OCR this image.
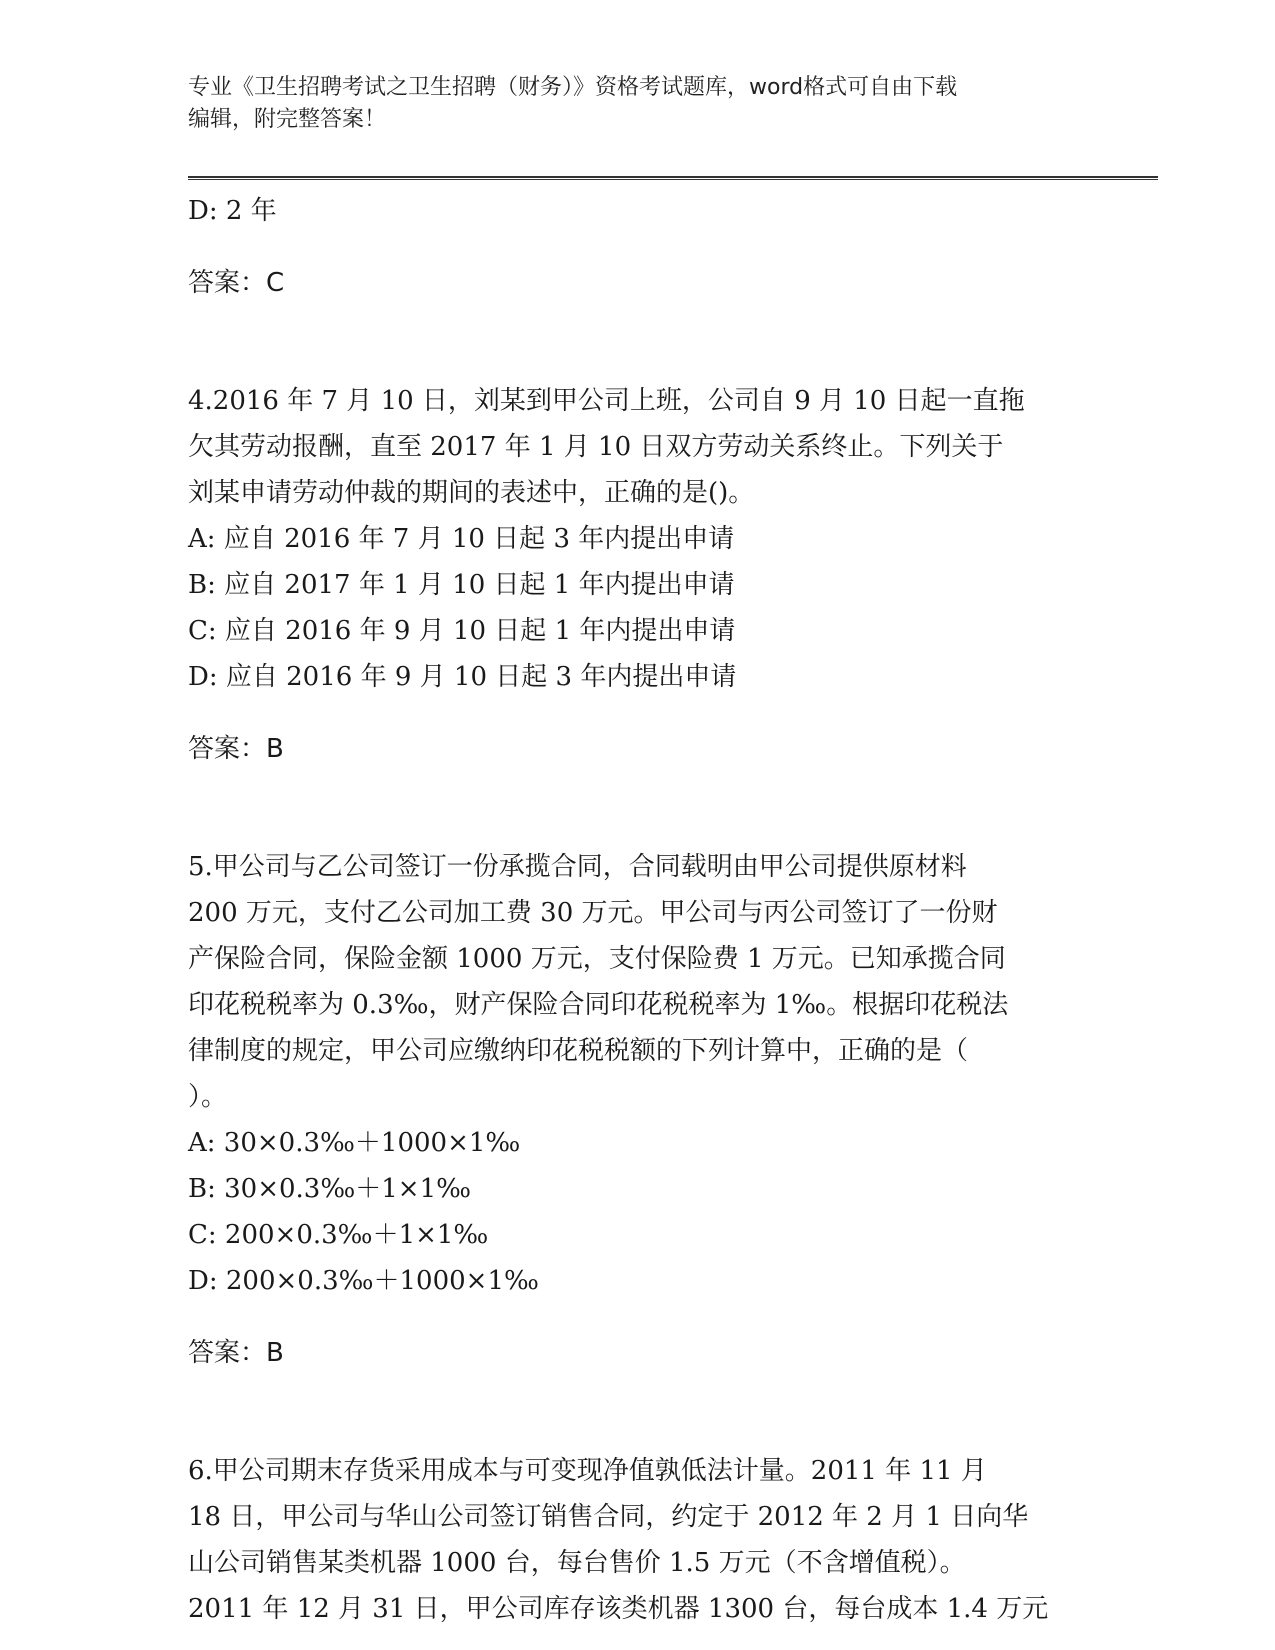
专业《卫生招聘考试之卫生招聘（财务）》资格考试题库，word格式可自由下载
编辑，附完整答案！

D: 2 年

答案：C

4.2016 年 7 月 10 日，刘某到甲公司上班，公司自 9 月 10 日起一直拖

欠其劳动报酬，直至 2017 年 1 月 10 日双方劳动关系终止。下列关于

刘某申请劳动仲裁的期间的表述中，正确的是()。

A: 应自 2016 年 7 月 10 日起 3 年内提出申请

B: 应自 2017 年 1 月 10 日起 1 年内提出申请

C: 应自 2016 年 9 月 10 日起 1 年内提出申请

D: 应自 2016 年 9 月 10 日起 3 年内提出申请

答案：B

5.甲公司与乙公司签订一份承揽合同，合同载明由甲公司提供原材料

200 万元，支付乙公司加工费 30 万元。甲公司与丙公司签订了一份财

产保险合同，保险金额 1000 万元，支付保险费 1 万元。已知承揽合同

印花税税率为 0.3‰，财产保险合同印花税税率为 1‰。根据印花税法

律制度的规定，甲公司应缴纳印花税税额的下列计算中，正确的是（

）。

A: 30×0.3‰＋1000×1‰

B: 30×0.3‰＋1×1‰

C: 200×0.3‰＋1×1‰

D: 200×0.3‰＋1000×1‰

答案：B

6.甲公司期末存货采用成本与可变现净值孰低法计量。2011 年 11 月

18 日，甲公司与华山公司签订销售合同，约定于 2012 年 2 月 1 日向华

山公司销售某类机器 1000 台，每台售价 1.5 万元（不含增值税）。

2011 年 12 月 31 日，甲公司库存该类机器 1300 台，每台成本 1.4 万元
